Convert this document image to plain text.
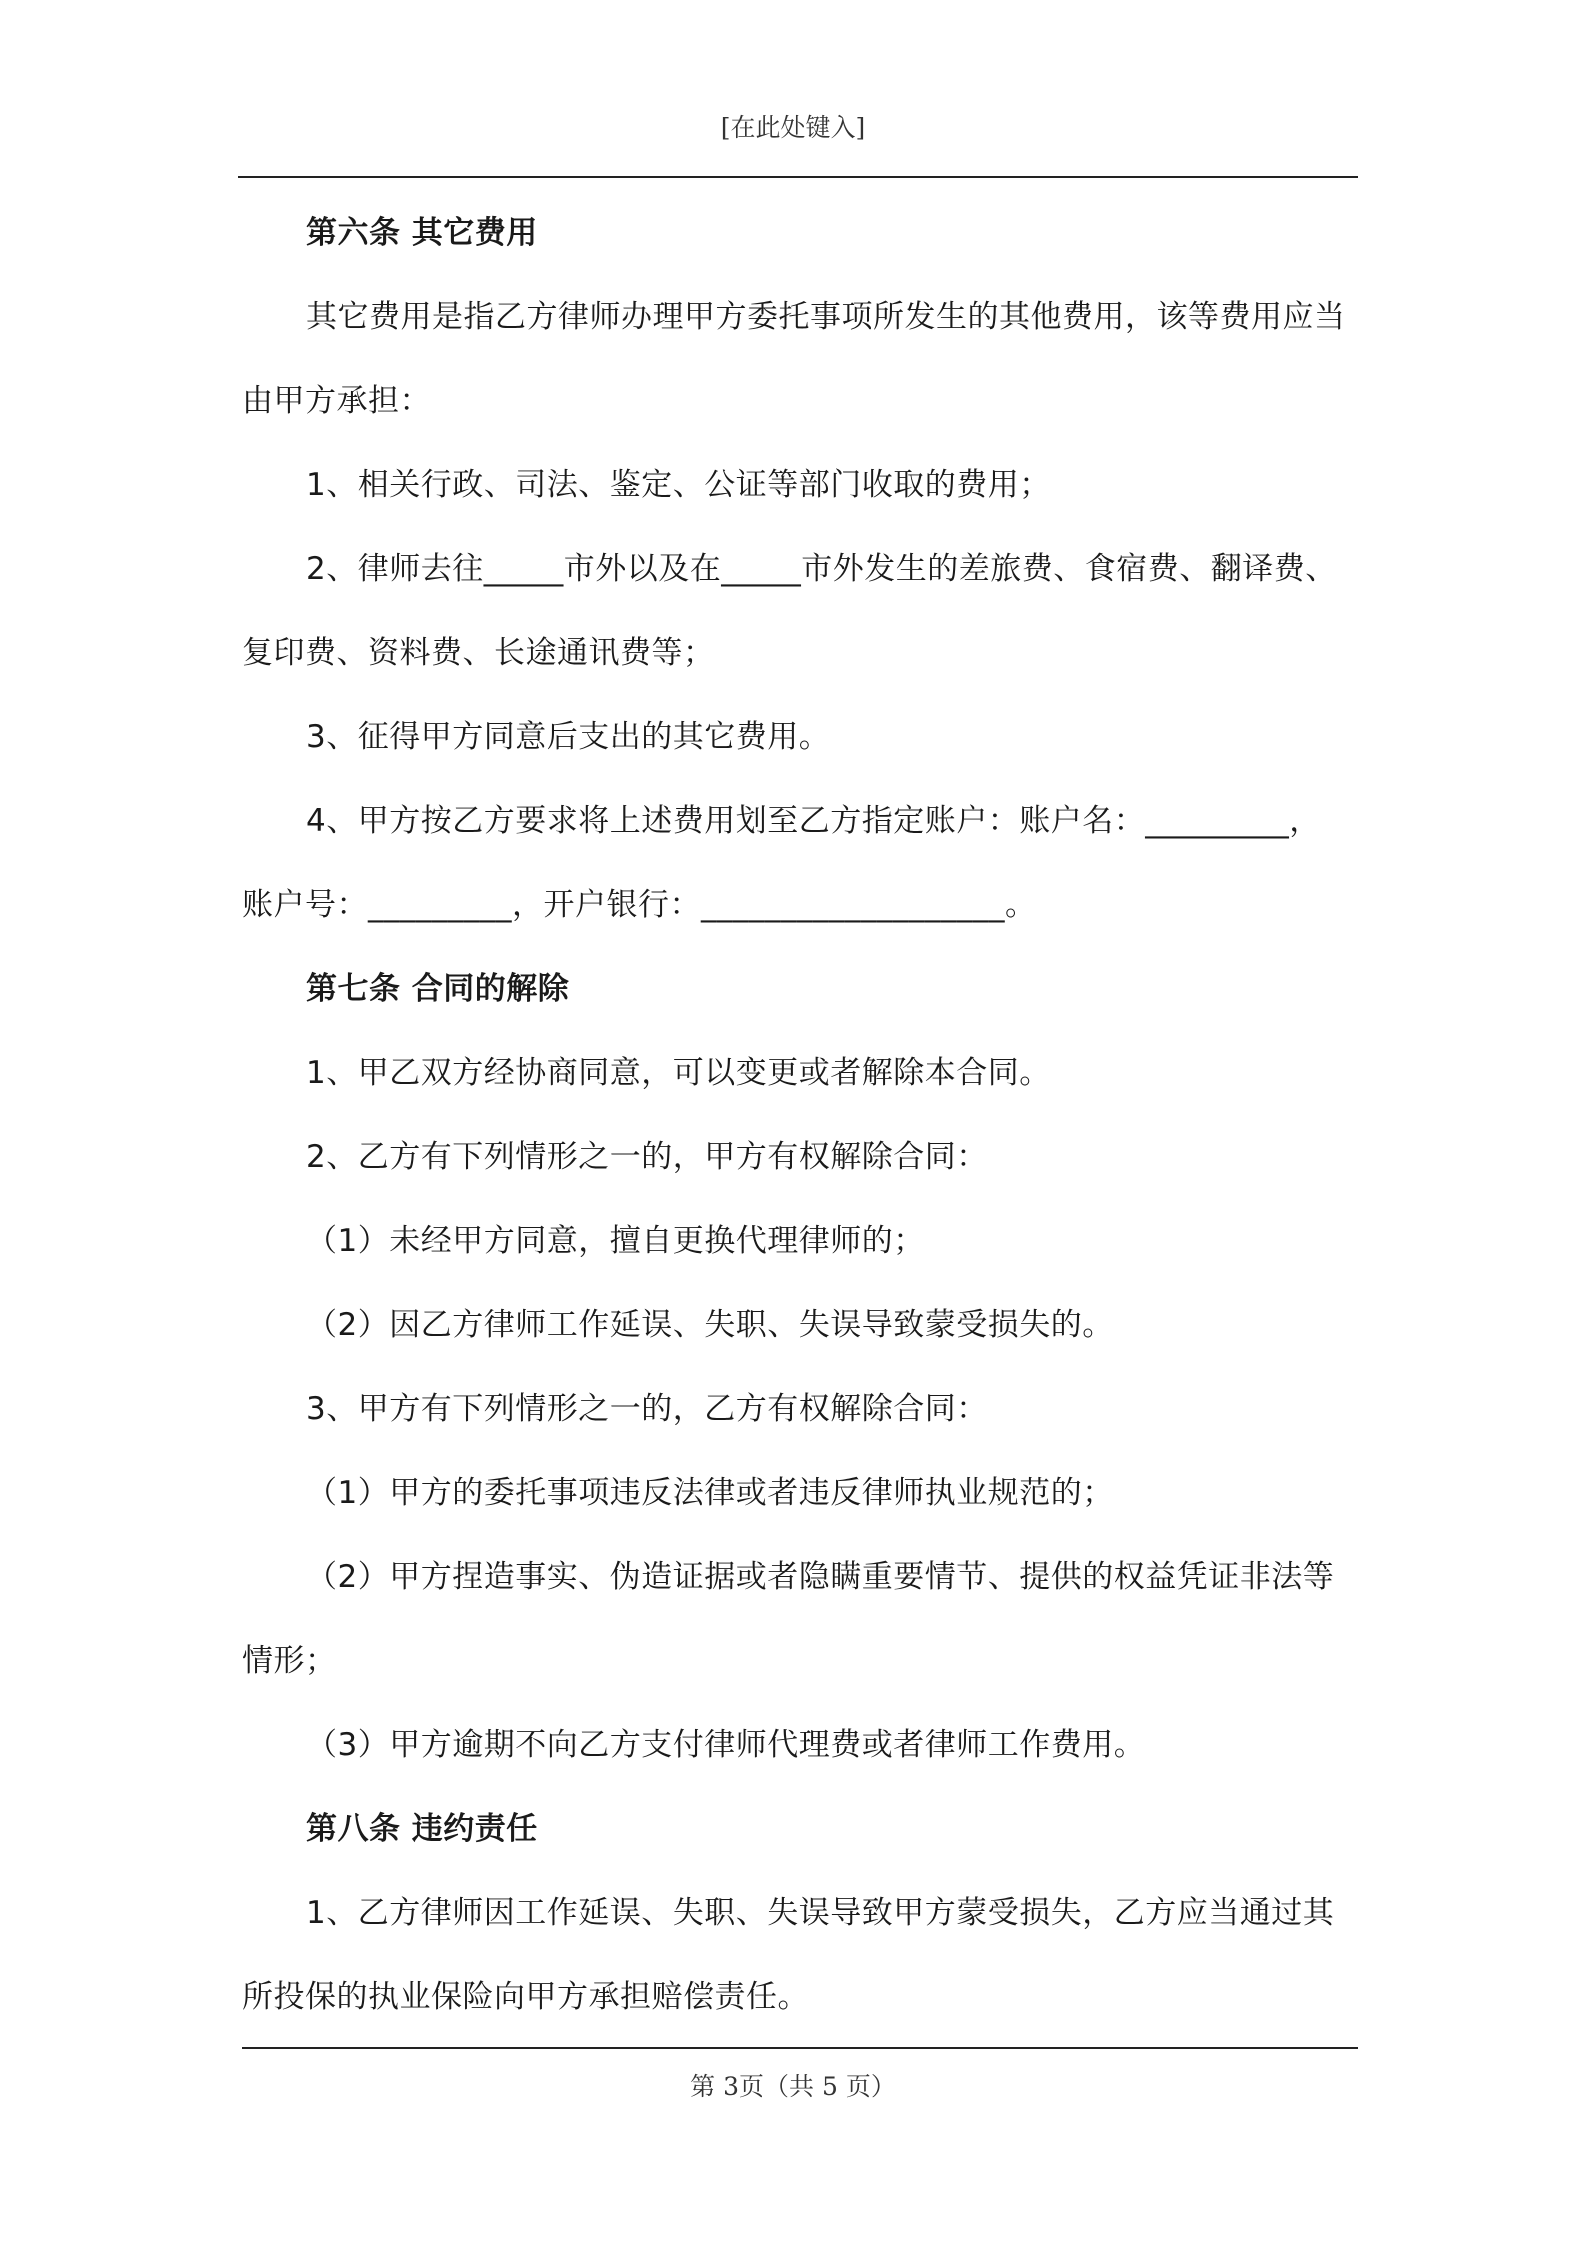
[在此处键入]
第六条 其它费用
其它费用是指乙方律师办理甲方委托事项所发生的其他费用，该等费用应当
由甲方承担：
1、相关行政、司法、鉴定、公证等部门收取的费用；
2、律师去往_____市外以及在_____市外发生的差旅费、食宿费、翻译费、
复印费、资料费、长途通讯费等；
3、征得甲方同意后支出的其它费用。
4、甲方按乙方要求将上述费用划至乙方指定账户：账户名：_________，
账户号：_________，开户银行：___________________。
第七条 合同的解除
1、甲乙双方经协商同意，可以变更或者解除本合同。
2、乙方有下列情形之一的，甲方有权解除合同：
（1）未经甲方同意，擅自更换代理律师的；
（2）因乙方律师工作延误、失职、失误导致蒙受损失的。
3、甲方有下列情形之一的，乙方有权解除合同：
（1）甲方的委托事项违反法律或者违反律师执业规范的；
（2）甲方捏造事实、伪造证据或者隐瞒重要情节、提供的权益凭证非法等
情形；
（3）甲方逾期不向乙方支付律师代理费或者律师工作费用。
第八条 违约责任
1、乙方律师因工作延误、失职、失误导致甲方蒙受损失，乙方应当通过其
所投保的执业保险向甲方承担赔偿责任。
第 3页（共 5 页）
